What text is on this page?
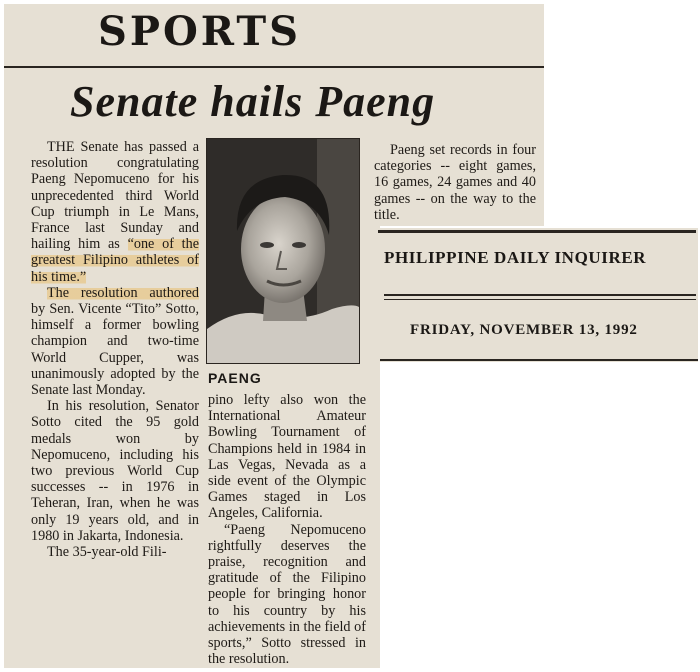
SPORTS
Senate hails Paeng

THE Senate has passed a resolution congratulating Paeng Nepomuceno for his unprecedented third World Cup triumph in Le Mans, France last Sunday and hailing him as “one of the greatest Filipino athletes of his time.”

The resolution authored by Sen. Vicente “Tito” Sotto, himself a former bowling champion and two-time World Cupper, was unanimously adopted by the Senate last Monday.

In his resolution, Senator Sotto cited the 95 gold medals won by Nepomuceno, including his two previous World Cup successes -- in 1976 in Teheran, Iran, when he was only 19 years old, and in 1980 in Jakarta, Indonesia.

The 35-year-old Fili-

PAENG

pino lefty also won the International Amateur Bowling Tournament of Champions held in 1984 in Las Vegas, Nevada as a side event of the Olympic Games staged in Los Angeles, California.

“Paeng Nepomuceno rightfully deserves the praise, recognition and gratitude of the Filipino people for bringing honor to his country by his achievements in the field of sports,” Sotto stressed in the resolution.

Paeng set records in four categories -- eight games, 16 games, 24 games and 40 games -- on the way to the title.

PHILIPPINE DAILY INQUIRER

FRIDAY, NOVEMBER 13, 1992
